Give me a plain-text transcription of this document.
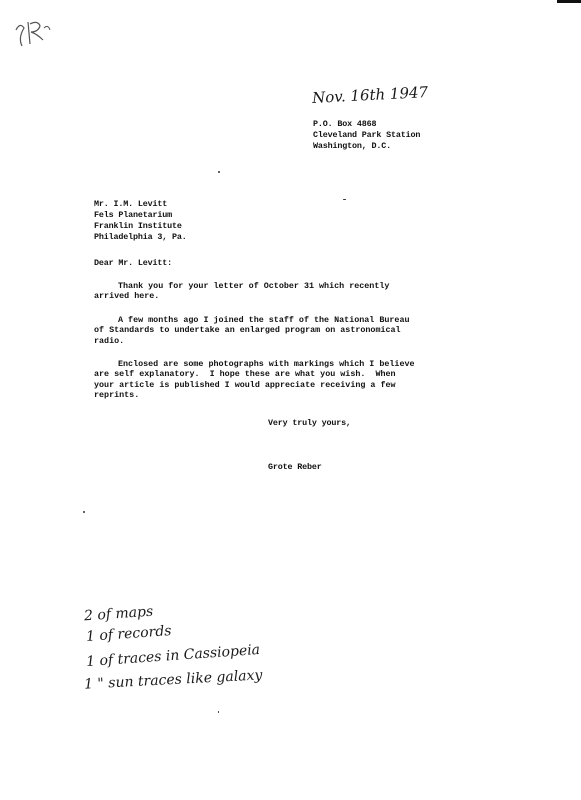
Nov. 16th 1947
P.O. Box 4868
Cleveland Park Station
Washington, D.C.
Mr. I.M. Levitt
Fels Planetarium
Franklin Institute
Philadelphia 3, Pa.
Dear Mr. Levitt:
Thank you for your letter of October 31 which recently
arrived here.
A few months ago I joined the staff of the National Bureau
of Standards to undertake an enlarged program on astronomical
radio.
Enclosed are some photographs with markings which I believe
are self explanatory.  I hope these are what you wish.  When
your article is published I would appreciate receiving a few
reprints.
Very truly yours,
Grote Reber
2 of maps
1 of records
1 of traces in Cassiopeia
1 " sun traces like galaxy
